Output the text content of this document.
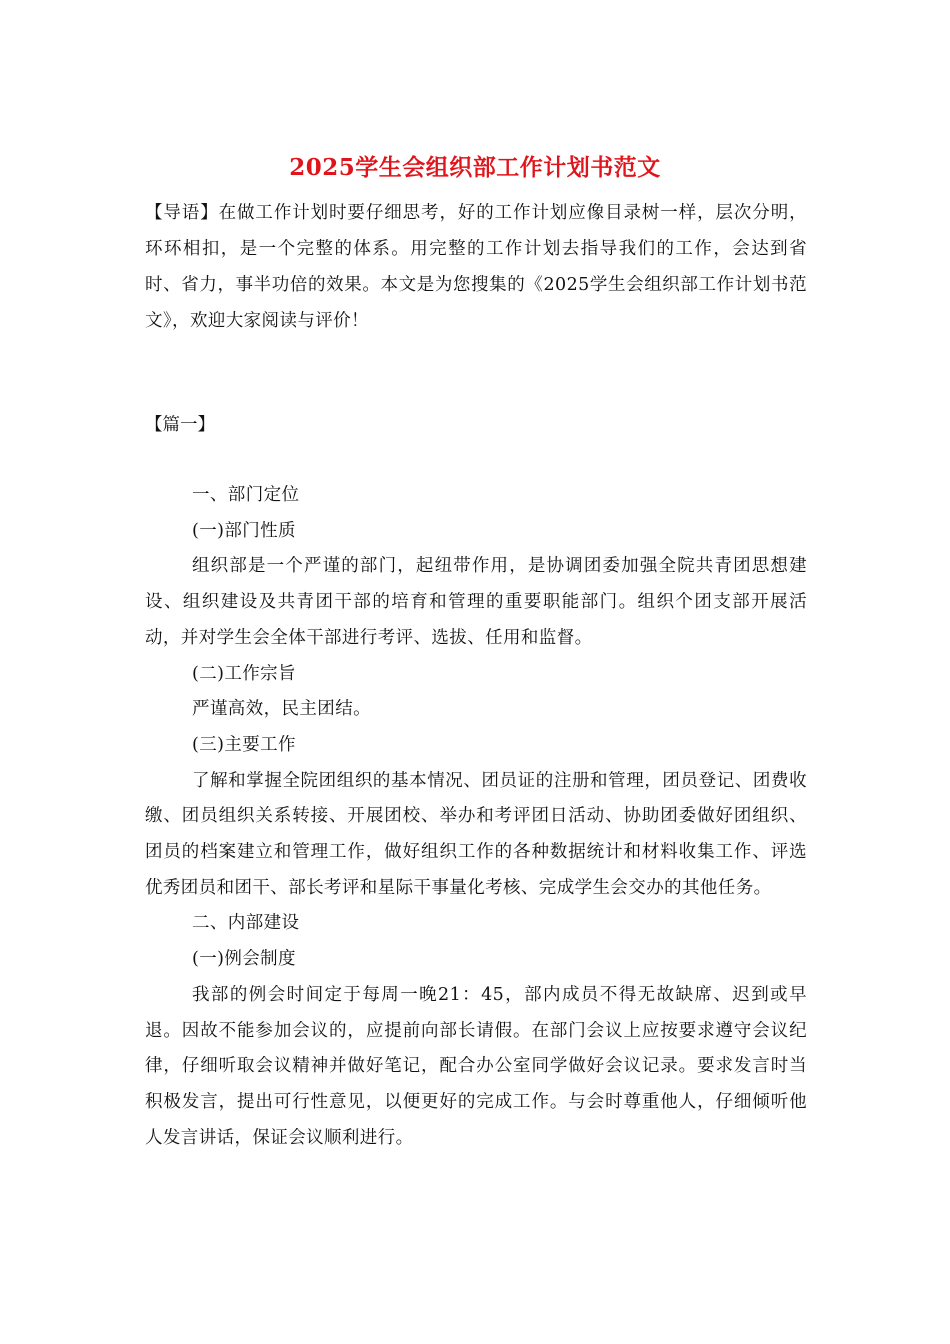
2025学生会组织部工作计划书范文
【导语】在做工作计划时要仔细思考，好的工作计划应像目录树一样，层次分明，环环相扣，是一个完整的体系。用完整的工作计划去指导我们的工作，会达到省时、省力，事半功倍的效果。本文是为您搜集的《2025学生会组织部工作计划书范文》，欢迎大家阅读与评价！
【篇一】

一、部门定位

(一)部门性质

组织部是一个严谨的部门，起纽带作用，是协调团委加强全院共青团思想建设、组织建设及共青团干部的培育和管理的重要职能部门。组织个团支部开展活动，并对学生会全体干部进行考评、选拔、任用和监督。

(二)工作宗旨

严谨高效，民主团结。

(三)主要工作

了解和掌握全院团组织的基本情况、团员证的注册和管理，团员登记、团费收缴、团员组织关系转接、开展团校、举办和考评团日活动、协助团委做好团组织、团员的档案建立和管理工作，做好组织工作的各种数据统计和材料收集工作、评选优秀团员和团干、部长考评和星际干事量化考核、完成学生会交办的其他任务。

二、内部建设

(一)例会制度

我部的例会时间定于每周一晚21：45，部内成员不得无故缺席、迟到或早退。因故不能参加会议的，应提前向部长请假。在部门会议上应按要求遵守会议纪律，仔细听取会议精神并做好笔记，配合办公室同学做好会议记录。要求发言时当积极发言，提出可行性意见，以便更好的完成工作。与会时尊重他人，仔细倾听他人发言讲话，保证会议顺利进行。
